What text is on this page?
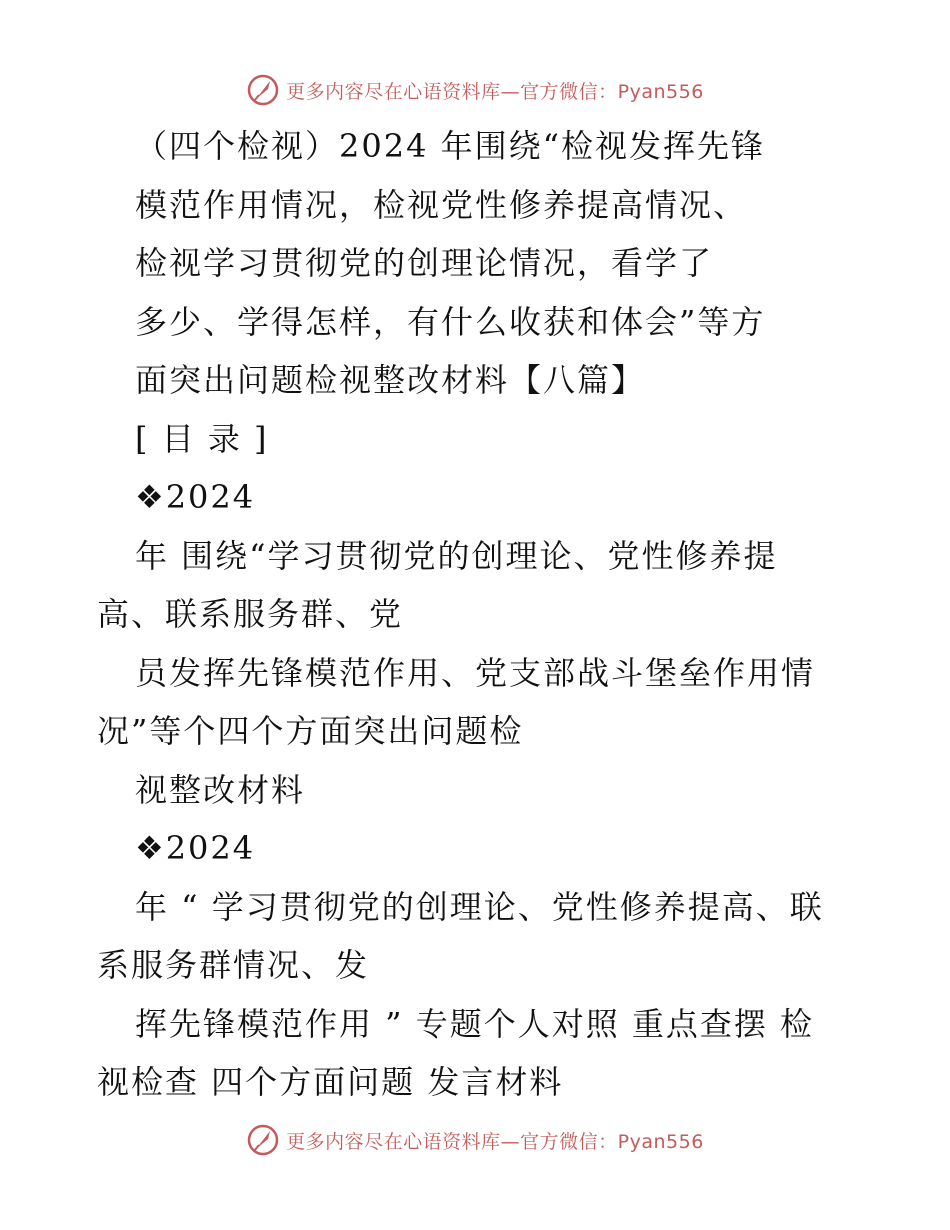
更多内容尽在心语资料库—官方微信：Pyan556

（四个检视）2024 年围绕“检视发挥先锋

模范作用情况，检视党性修养提高情况、

检视学习贯彻党的创理论情况，看学了

多少、学得怎样，有什么收获和体会”等方

面突出问题检视整改材料【八篇】

[ 目 录 ]

❖2024

年 围绕“学习贯彻党的创理论、党性修养提

高、联系服务群、党

员发挥先锋模范作用、党支部战斗堡垒作用情

况”等个四个方面突出问题检

视整改材料

❖2024

年 “ 学习贯彻党的创理论、党性修养提高、联

系服务群情况、发

挥先锋模范作用 ” 专题个人对照 重点查摆 检

视检查 四个方面问题 发言材料

更多内容尽在心语资料库—官方微信：Pyan556
